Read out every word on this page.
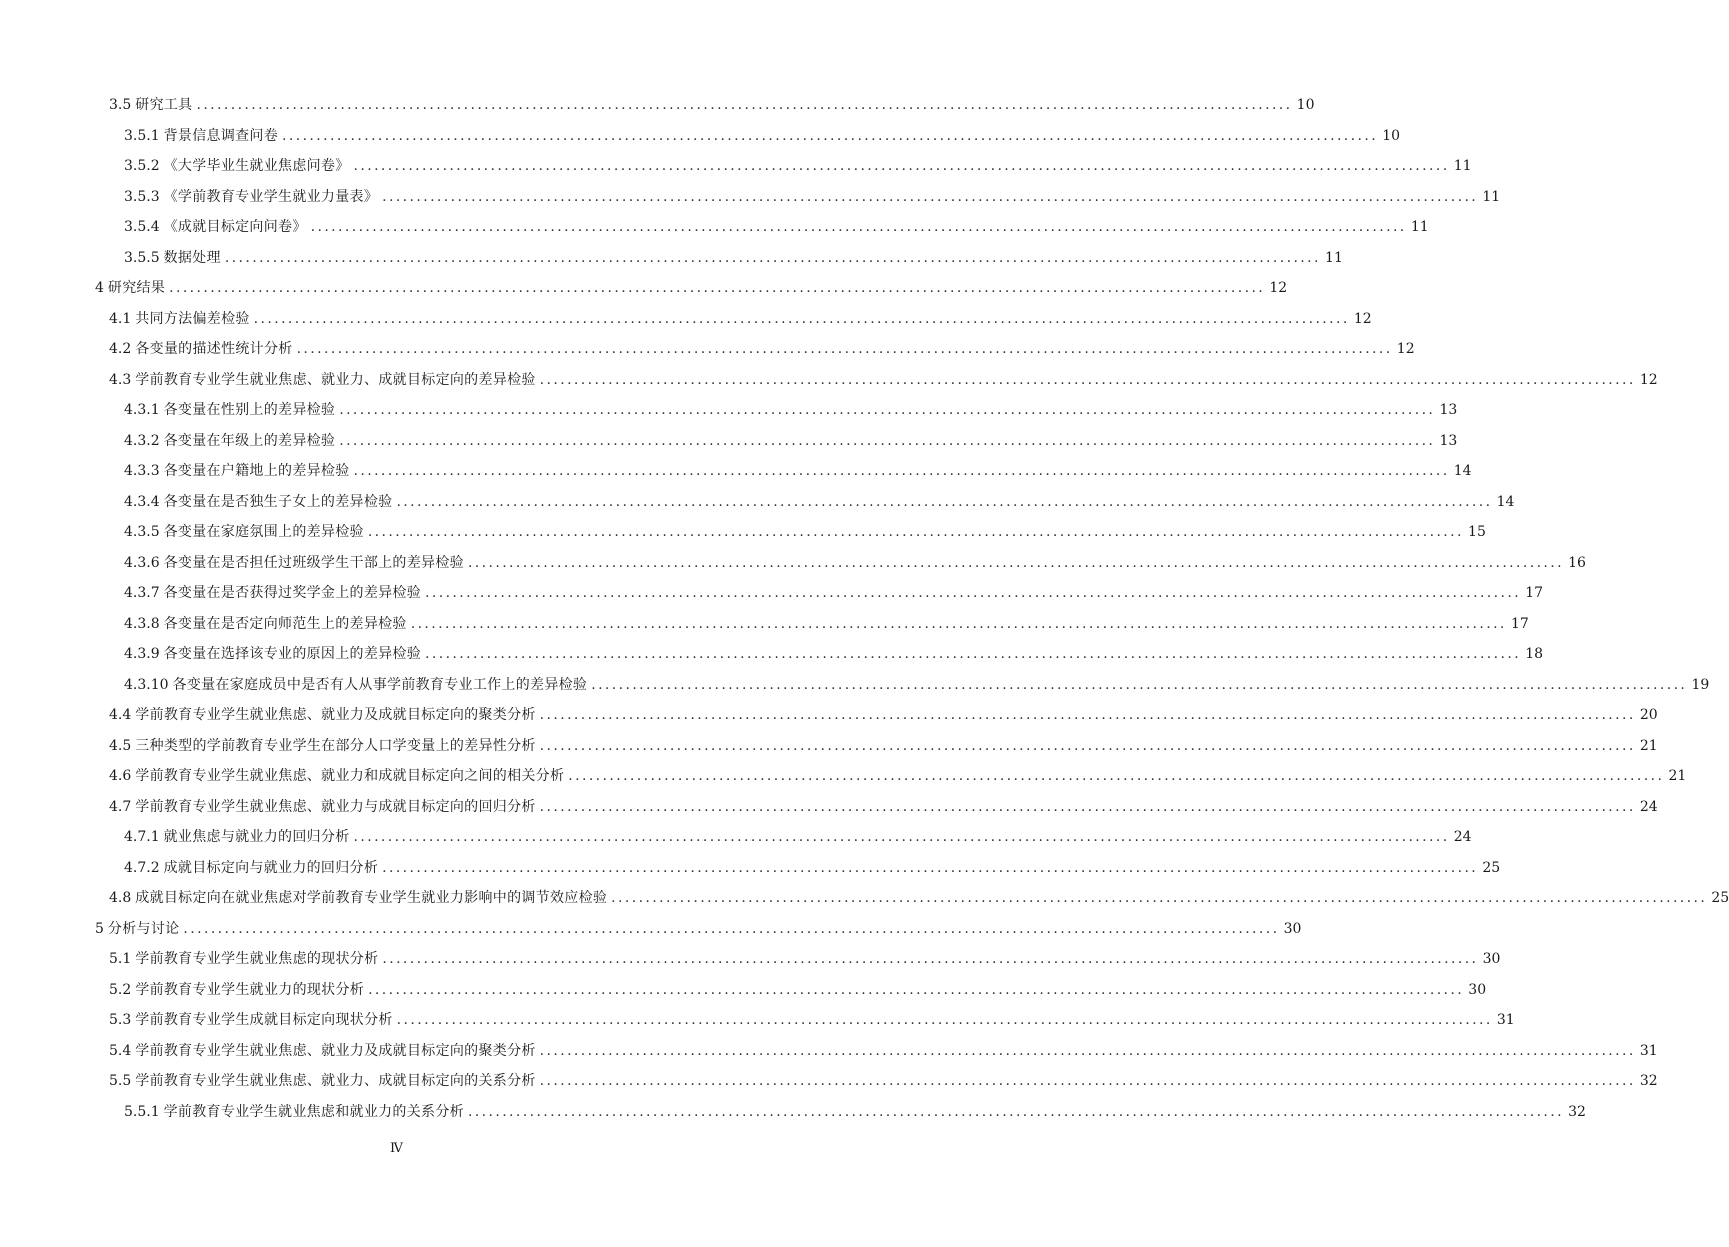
3.5 研究工具 ................................................................................................................................................................ 10
3.5.1 背景信息调查问卷 ................................................................................................................................................................ 10
3.5.2 《大学毕业生就业焦虑问卷》 ................................................................................................................................................................ 11
3.5.3 《学前教育专业学生就业力量表》 ................................................................................................................................................................ 11
3.5.4 《成就目标定向问卷》 ................................................................................................................................................................ 11
3.5.5 数据处理 ................................................................................................................................................................ 11
4 研究结果 ................................................................................................................................................................ 12
4.1 共同方法偏差检验 ................................................................................................................................................................ 12
4.2 各变量的描述性统计分析 ................................................................................................................................................................ 12
4.3 学前教育专业学生就业焦虑、就业力、成就目标定向的差异检验 ................................................................................................................................................................ 12
4.3.1 各变量在性别上的差异检验 ................................................................................................................................................................ 13
4.3.2 各变量在年级上的差异检验 ................................................................................................................................................................ 13
4.3.3 各变量在户籍地上的差异检验 ................................................................................................................................................................ 14
4.3.4 各变量在是否独生子女上的差异检验 ................................................................................................................................................................ 14
4.3.5 各变量在家庭氛围上的差异检验 ................................................................................................................................................................ 15
4.3.6 各变量在是否担任过班级学生干部上的差异检验 ................................................................................................................................................................ 16
4.3.7 各变量在是否获得过奖学金上的差异检验 ................................................................................................................................................................ 17
4.3.8 各变量在是否定向师范生上的差异检验 ................................................................................................................................................................ 17
4.3.9 各变量在选择该专业的原因上的差异检验 ................................................................................................................................................................ 18
4.3.10 各变量在家庭成员中是否有人从事学前教育专业工作上的差异检验 ................................................................................................................................................................ 19
4.4 学前教育专业学生就业焦虑、就业力及成就目标定向的聚类分析 ................................................................................................................................................................ 20
4.5 三种类型的学前教育专业学生在部分人口学变量上的差异性分析 ................................................................................................................................................................ 21
4.6 学前教育专业学生就业焦虑、就业力和成就目标定向之间的相关分析 ................................................................................................................................................................ 21
4.7 学前教育专业学生就业焦虑、就业力与成就目标定向的回归分析 ................................................................................................................................................................ 24
4.7.1 就业焦虑与就业力的回归分析 ................................................................................................................................................................ 24
4.7.2 成就目标定向与就业力的回归分析 ................................................................................................................................................................ 25
4.8 成就目标定向在就业焦虑对学前教育专业学生就业力影响中的调节效应检验 ................................................................................................................................................................ 25
5 分析与讨论 ................................................................................................................................................................ 30
5.1 学前教育专业学生就业焦虑的现状分析 ................................................................................................................................................................ 30
5.2 学前教育专业学生就业力的现状分析 ................................................................................................................................................................ 30
5.3 学前教育专业学生成就目标定向现状分析 ................................................................................................................................................................ 31
5.4 学前教育专业学生就业焦虑、就业力及成就目标定向的聚类分析 ................................................................................................................................................................ 31
5.5 学前教育专业学生就业焦虑、就业力、成就目标定向的关系分析 ................................................................................................................................................................ 32
5.5.1 学前教育专业学生就业焦虑和就业力的关系分析 ................................................................................................................................................................ 32
Ⅳ
